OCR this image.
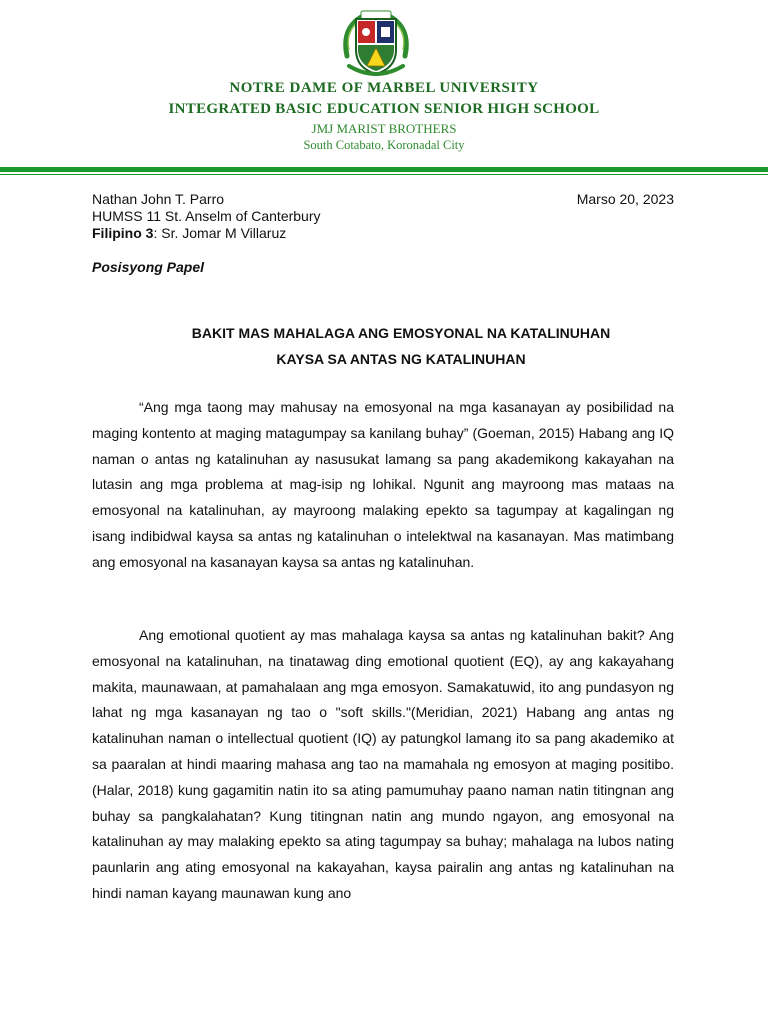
NOTRE DAME OF MARBEL UNIVERSITY
INTEGRATED BASIC EDUCATION SENIOR HIGH SCHOOL
JMJ MARIST BROTHERS
South Cotabato, Koronadal City
Nathan John T. Parro
HUMSS 11 St. Anselm of Canterbury
Filipino 3: Sr. Jomar M Villaruz
Marso 20, 2023
Posisyong Papel
BAKIT MAS MAHALAGA ANG EMOSYONAL NA KATALINUHAN
KAYSA SA ANTAS NG KATALINUHAN

“Ang mga taong may mahusay na emosyonal na mga kasanayan ay posibilidad na maging kontento at maging matagumpay sa kanilang buhay” (Goeman, 2015) Habang ang IQ naman o antas ng katalinuhan ay nasusukat lamang sa pang akademikong kakayahan na lutasin ang mga problema at mag-isip ng lohikal. Ngunit ang mayroong mas mataas na emosyonal na katalinuhan, ay mayroong malaking epekto sa tagumpay at kagalingan ng isang indibidwal kaysa sa antas ng katalinuhan o intelektwal na kasanayan. Mas matimbang ang emosyonal na kasanayan kaysa sa antas ng katalinuhan.

Ang emotional quotient ay mas mahalaga kaysa sa antas ng katalinuhan bakit? Ang emosyonal na katalinuhan, na tinatawag ding emotional quotient (EQ), ay ang kakayahang makita, maunawaan, at pamahalaan ang mga emosyon. Samakatuwid, ito ang pundasyon ng lahat ng mga kasanayan ng tao o "soft skills."(Meridian, 2021) Habang ang antas ng katalinuhan naman o intellectual quotient (IQ) ay patungkol lamang ito sa pang akademiko at sa paaralan at hindi maaring mahasa ang tao na mamahala ng emosyon at maging positibo.(Halar, 2018) kung gagamitin natin ito sa ating pamumuhay paano naman natin titingnan ang buhay sa pangkalahatan? Kung titingnan natin ang mundo ngayon, ang emosyonal na katalinuhan ay may malaking epekto sa ating tagumpay sa buhay; mahalaga na lubos nating paunlarin ang ating emosyonal na kakayahan, kaysa pairalin ang antas ng katalinuhan na hindi naman kayang maunawan kung ano
